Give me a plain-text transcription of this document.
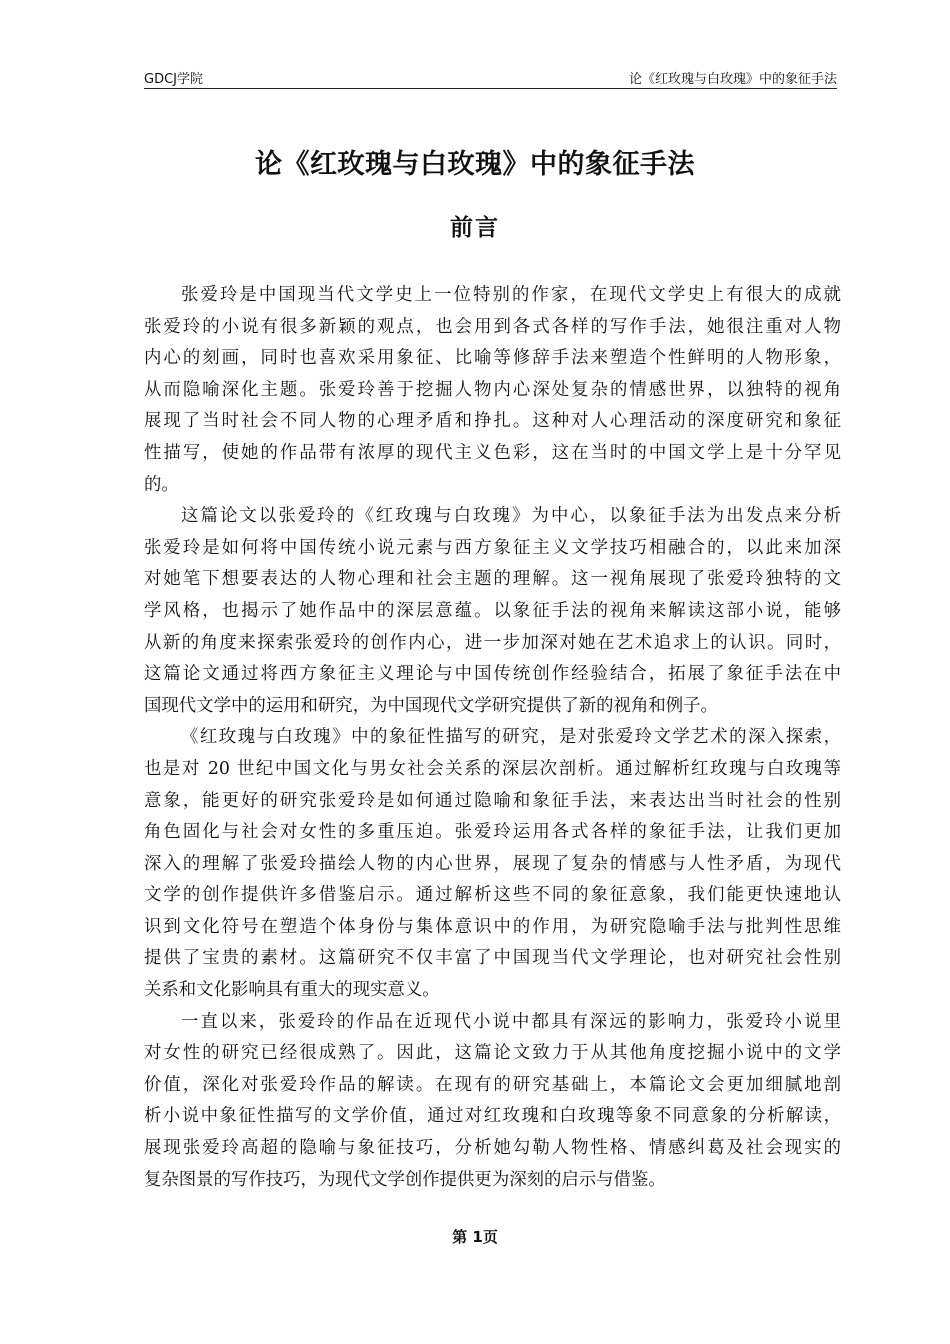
GDCJ学院	论《红玫瑰与白玫瑰》中的象征手法
论《红玫瑰与白玫瑰》中的象征手法
前言
张爱玲是中国现当代文学史上一位特别的作家，在现代文学史上有很大的成就
张爱玲的小说有很多新颖的观点，也会用到各式各样的写作手法，她很注重对人物
内心的刻画，同时也喜欢采用象征、比喻等修辞手法来塑造个性鲜明的人物形象，
从而隐喻深化主题。张爱玲善于挖掘人物内心深处复杂的情感世界，以独特的视角
展现了当时社会不同人物的心理矛盾和挣扎。这种对人心理活动的深度研究和象征
性描写，使她的作品带有浓厚的现代主义色彩，这在当时的中国文学上是十分罕见
的。
这篇论文以张爱玲的《红玫瑰与白玫瑰》为中心，以象征手法为出发点来分析
张爱玲是如何将中国传统小说元素与西方象征主义文学技巧相融合的，以此来加深
对她笔下想要表达的人物心理和社会主题的理解。这一视角展现了张爱玲独特的文
学风格，也揭示了她作品中的深层意蕴。以象征手法的视角来解读这部小说，能够
从新的角度来探索张爱玲的创作内心，进一步加深对她在艺术追求上的认识。同时，
这篇论文通过将西方象征主义理论与中国传统创作经验结合，拓展了象征手法在中
国现代文学中的运用和研究，为中国现代文学研究提供了新的视角和例子。
《红玫瑰与白玫瑰》中的象征性描写的研究，是对张爱玲文学艺术的深入探索，
也是对 20 世纪中国文化与男女社会关系的深层次剖析。通过解析红玫瑰与白玫瑰等
意象，能更好的研究张爱玲是如何通过隐喻和象征手法，来表达出当时社会的性别
角色固化与社会对女性的多重压迫。张爱玲运用各式各样的象征手法，让我们更加
深入的理解了张爱玲描绘人物的内心世界，展现了复杂的情感与人性矛盾，为现代
文学的创作提供许多借鉴启示。通过解析这些不同的象征意象，我们能更快速地认
识到文化符号在塑造个体身份与集体意识中的作用，为研究隐喻手法与批判性思维
提供了宝贵的素材。这篇研究不仅丰富了中国现当代文学理论，也对研究社会性别
关系和文化影响具有重大的现实意义。
一直以来，张爱玲的作品在近现代小说中都具有深远的影响力，张爱玲小说里
对女性的研究已经很成熟了。因此，这篇论文致力于从其他角度挖掘小说中的文学
价值，深化对张爱玲作品的解读。在现有的研究基础上，本篇论文会更加细腻地剖
析小说中象征性描写的文学价值，通过对红玫瑰和白玫瑰等象不同意象的分析解读，
展现张爱玲高超的隐喻与象征技巧，分析她勾勒人物性格、情感纠葛及社会现实的
复杂图景的写作技巧，为现代文学创作提供更为深刻的启示与借鉴。
第 1页
